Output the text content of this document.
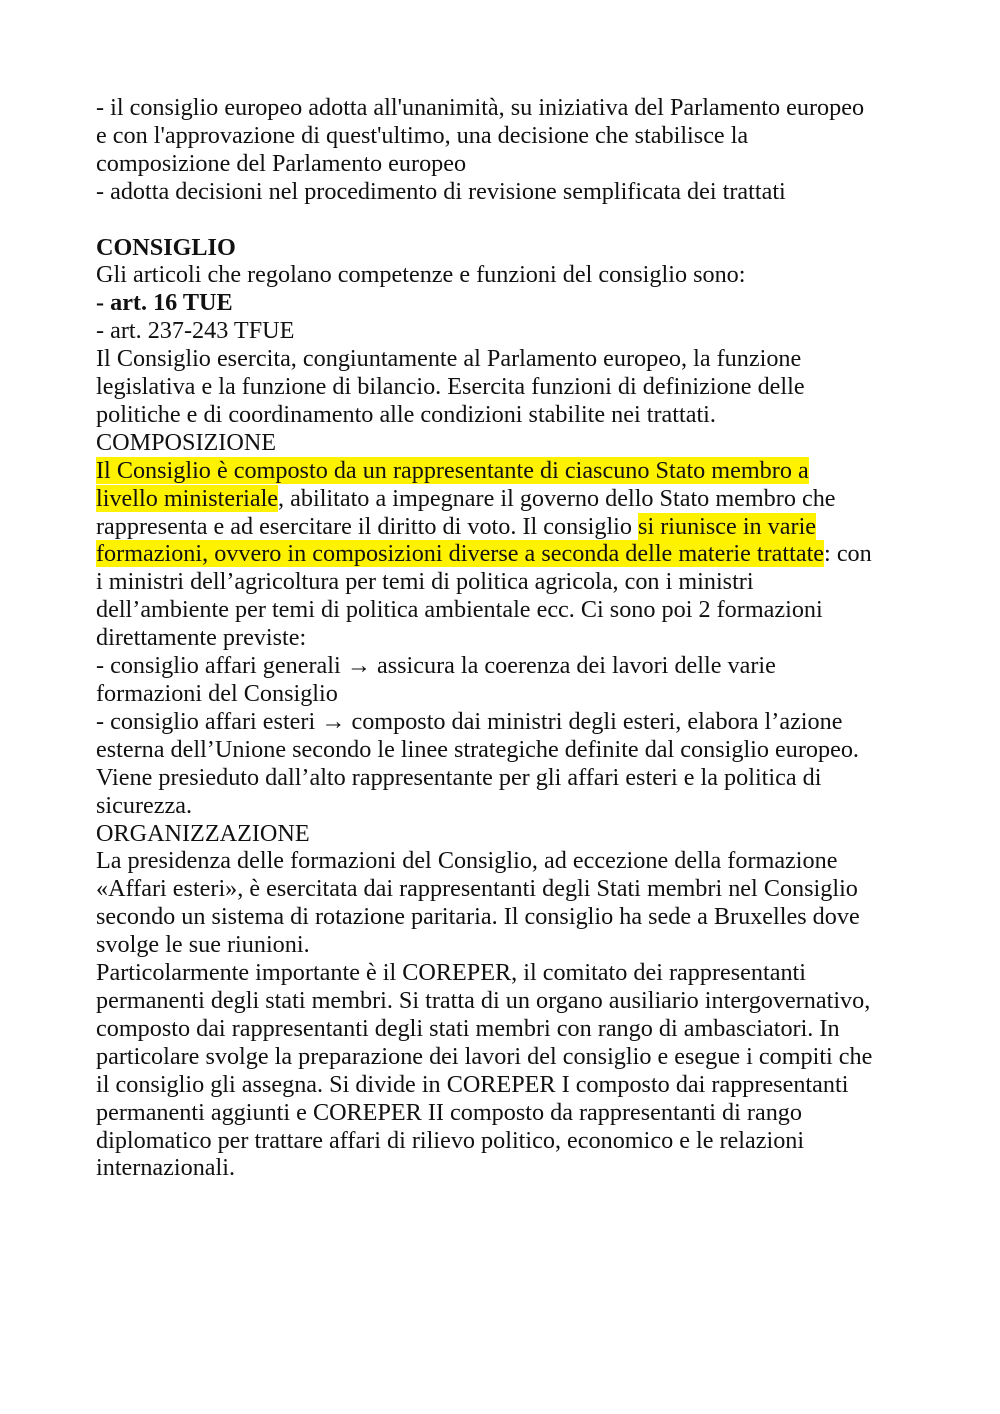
- il consiglio europeo adotta all'unanimità, su iniziativa del Parlamento europeo
e con l'approvazione di quest'ultimo, una decisione che stabilisce la
composizione del Parlamento europeo
- adotta decisioni nel procedimento di revisione semplificata dei trattati
CONSIGLIO
Gli articoli che regolano competenze e funzioni del consiglio sono:
- art. 16 TUE
- art. 237-243 TFUE
Il Consiglio esercita, congiuntamente al Parlamento europeo, la funzione
legislativa e la funzione di bilancio. Esercita funzioni di definizione delle
politiche e di coordinamento alle condizioni stabilite nei trattati.
COMPOSIZIONE
Il Consiglio è composto da un rappresentante di ciascuno Stato membro a
livello ministeriale, abilitato a impegnare il governo dello Stato membro che
rappresenta e ad esercitare il diritto di voto. Il consiglio si riunisce in varie
formazioni, ovvero in composizioni diverse a seconda delle materie trattate: con
i ministri dell’agricoltura per temi di politica agricola, con i ministri
dell’ambiente per temi di politica ambientale ecc. Ci sono poi 2 formazioni
direttamente previste:
- consiglio affari generali → assicura la coerenza dei lavori delle varie
formazioni del Consiglio
- consiglio affari esteri → composto dai ministri degli esteri, elabora l’azione
esterna dell’Unione secondo le linee strategiche definite dal consiglio europeo.
Viene presieduto dall’alto rappresentante per gli affari esteri e la politica di
sicurezza.
ORGANIZZAZIONE
La presidenza delle formazioni del Consiglio, ad eccezione della formazione
«Affari esteri», è esercitata dai rappresentanti degli Stati membri nel Consiglio
secondo un sistema di rotazione paritaria. Il consiglio ha sede a Bruxelles dove
svolge le sue riunioni.
Particolarmente importante è il COREPER, il comitato dei rappresentanti
permanenti degli stati membri. Si tratta di un organo ausiliario intergovernativo,
composto dai rappresentanti degli stati membri con rango di ambasciatori. In
particolare svolge la preparazione dei lavori del consiglio e esegue i compiti che
il consiglio gli assegna. Si divide in COREPER I composto dai rappresentanti
permanenti aggiunti e COREPER II composto da rappresentanti di rango
diplomatico per trattare affari di rilievo politico, economico e le relazioni
internazionali.
